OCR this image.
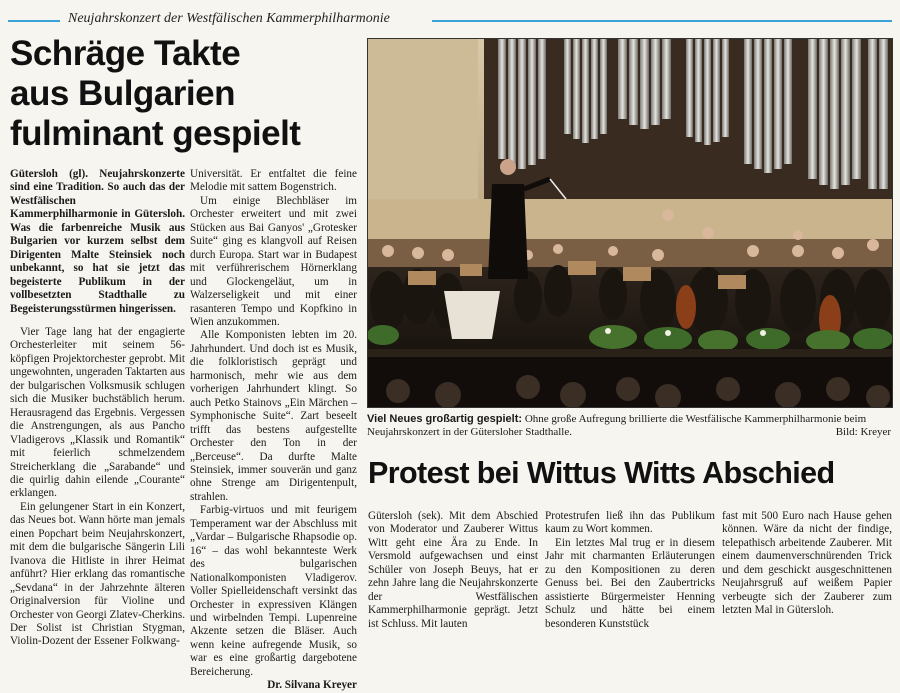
Neujahrskonzert der Westfälischen Kammerphilharmonie
Schräge Takte
aus Bulgarien
fulminant gespielt

Gütersloh (gl). Neujahrskonzerte sind eine Tradition. So auch das der Westfälischen Kammerphilharmonie in Gütersloh. Was die farbenreiche Musik aus Bulgarien vor kurzem selbst dem Dirigenten Malte Steinsiek noch unbekannt, so hat sie jetzt das begeisterte Publikum in der vollbesetzten Stadthalle zu Begeisterungsstürmen hingerissen.

Vier Tage lang hat der engagierte Orchesterleiter mit seinem 56-köpfigen Projektorchester geprobt. Mit ungewohnten, ungeraden Taktarten aus der bulgarischen Volksmusik schlugen sich die Musiker buchstäblich herum. Herausragend das Ergebnis. Vergessen die Anstrengungen, als aus Pancho Vladigerovs „Klassik und Romantik“ mit feierlich schmelzendem Streicherklang die „Sarabande“ und die quirlig dahin eilende „Courante“ erklangen.

Ein gelungener Start in ein Konzert, das Neues bot. Wann hörte man jemals einen Popchart beim Neujahrskonzert, mit dem die bulgarische Sängerin Lili Ivanova die Hitliste in ihrer Heimat anführt? Hier erklang das romantische „Sevdana“ in der Jahrzehnte älteren Originalversion für Violine und Orchester von Georgi Zlatev-Cherkins. Der Solist ist Christian Stygman, Violin-Dozent der Essener Folkwang-

Universität. Er entfaltet die feine Melodie mit sattem Bogenstrich.

Um einige Blechbläser im Orchester erweitert und mit zwei Stücken aus Bai Ganyos' „Grotesker Suite“ ging es klangvoll auf Reisen durch Europa. Start war in Budapest mit verführerischem Hörnerklang und Glockengeläut, um in Walzerseligkeit und mit einer rasanteren Tempo und Kopfkino in Wien anzukommen.

Alle Komponisten lebten im 20. Jahrhundert. Und doch ist es Musik, die folkloristisch geprägt und harmonisch, mehr wie aus dem vorherigen Jahrhundert klingt. So auch Petko Stainovs „Ein Märchen – Symphonische Suite“. Zart beseelt trifft das bestens aufgestellte Orchester den Ton in der „Berceuse“. Da durfte Malte Steinsiek, immer souverän und ganz ohne Strenge am Dirigentenpult, strahlen.

Farbig-virtuos und mit feurigem Temperament war der Abschluss mit „Vardar – Bulgarische Rhapsodie op. 16“ – das wohl bekannteste Werk des bulgarischen Nationalkomponisten Vladigerov. Voller Spielleidenschaft versinkt das Orchester in expressiven Klängen und wirbelnden Tempi. Lupenreine Akzente setzen die Bläser. Auch wenn keine aufregende Musik, so war es eine großartig dargebotene Bereicherung.

Dr. Silvana Kreyer
Viel Neues großartig gespielt: Ohne große Aufregung brillierte die Westfälische Kammerphilharmonie beim Neujahrskonzert in der Gütersloher Stadthalle.	Bild: Kreyer
Protest bei Wittus Witts Abschied

Gütersloh (sek). Mit dem Abschied von Moderator und Zauberer Wittus Witt geht eine Ära zu Ende. In Versmold aufgewachsen und einst Schüler von Joseph Beuys, hat er zehn Jahre lang die Neujahrskonzerte der Westfälischen Kammerphilharmonie geprägt. Jetzt ist Schluss. Mit lauten

Protestrufen ließ ihn das Publikum kaum zu Wort kommen.

Ein letztes Mal trug er in diesem Jahr mit charmanten Erläuterungen zu den Kompositionen zu deren Genuss bei. Bei den Zaubertricks assistierte Bürgermeister Henning Schulz und hätte bei einem besonderen Kunststück

fast mit 500 Euro nach Hause gehen können. Wäre da nicht der findige, telepathisch arbeitende Zauberer. Mit einem daumenverschnürenden Trick und dem geschickt ausgeschnittenen Neujahrsgruß auf weißem Papier verbeugte sich der Zauberer zum letzten Mal in Gütersloh.
